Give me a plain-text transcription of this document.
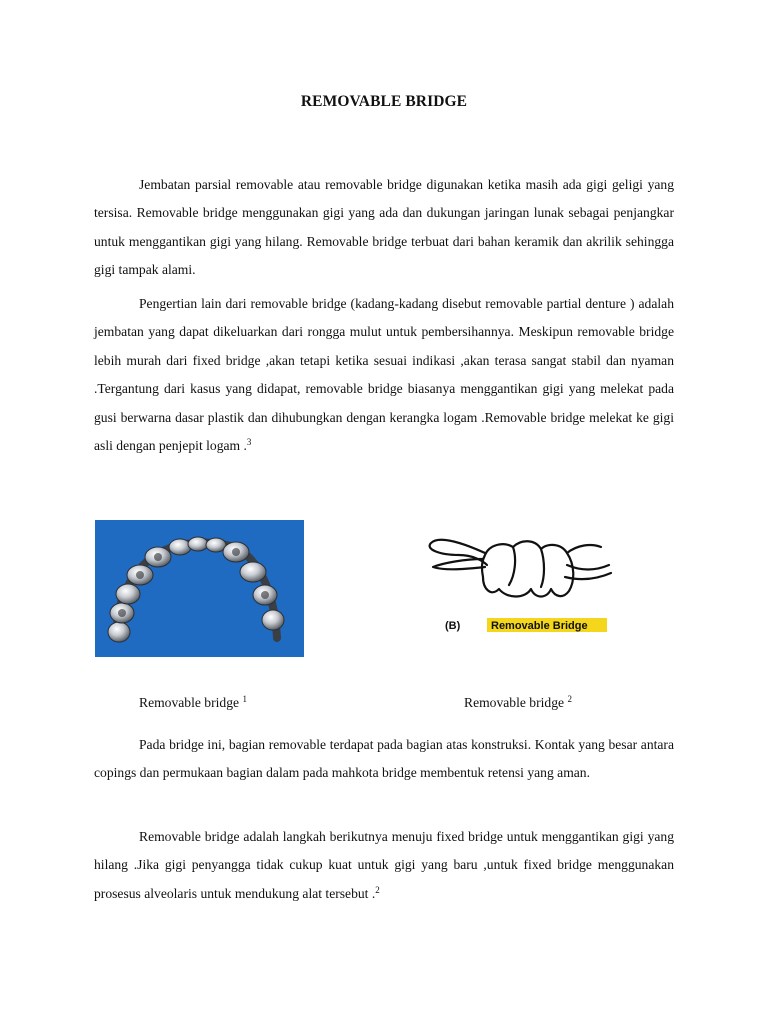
REMOVABLE BRIDGE

Jembatan parsial removable atau removable bridge digunakan ketika masih ada gigi geligi yang tersisa. Removable bridge menggunakan gigi yang ada dan dukungan jaringan lunak sebagai penjangkar untuk menggantikan gigi yang hilang. Removable bridge terbuat dari bahan keramik dan akrilik sehingga gigi tampak alami.

Pengertian lain dari removable bridge (kadang-kadang disebut removable partial denture ) adalah jembatan yang dapat dikeluarkan dari rongga mulut untuk pembersihannya. Meskipun removable bridge lebih murah dari fixed bridge ,akan tetapi ketika sesuai indikasi ,akan terasa sangat stabil dan nyaman .Tergantung dari kasus yang didapat, removable bridge biasanya menggantikan gigi yang melekat pada gusi berwarna dasar plastik dan dihubungkan dengan kerangka logam .Removable bridge melekat ke gigi asli dengan penjepit logam .$^3$

(B)	Removable Bridge
Removable bridge $^1$	Removable bridge $^2$

Pada bridge ini, bagian removable terdapat pada bagian atas konstruksi. Kontak yang besar antara copings dan permukaan bagian dalam pada mahkota bridge membentuk retensi yang aman.

Removable bridge adalah langkah berikutnya menuju fixed bridge untuk menggantikan gigi yang hilang .Jika gigi penyangga tidak cukup kuat untuk gigi yang baru ,untuk fixed bridge menggunakan prosesus alveolaris untuk mendukung alat tersebut .$^2$
